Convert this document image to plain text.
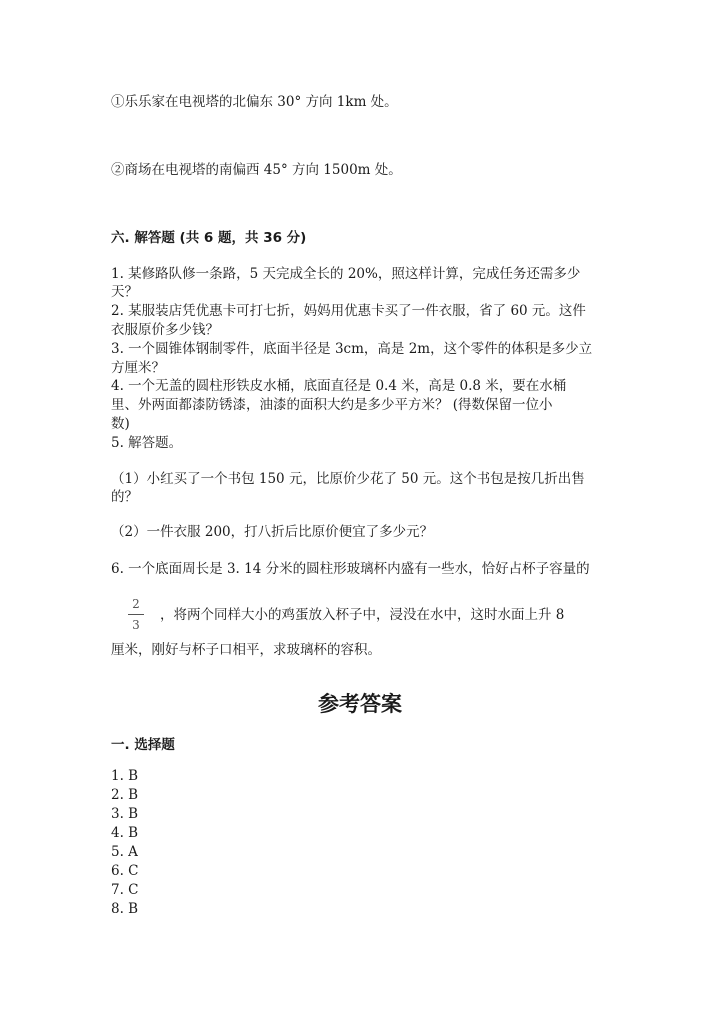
①乐乐家在电视塔的北偏东 30° 方向 1km 处。
②商场在电视塔的南偏西 45° 方向 1500m 处。
六. 解答题 (共 6 题，共 36 分)
1. 某修路队修一条路，5 天完成全长的 20%，照这样计算，完成任务还需多少
天？
2. 某服装店凭优惠卡可打七折，妈妈用优惠卡买了一件衣服，省了 60 元。这件
衣服原价多少钱？
3. 一个圆锥体钢制零件，底面半径是 3cm，高是 2m，这个零件的体积是多少立
方厘米？
4. 一个无盖的圆柱形铁皮水桶，底面直径是 0.4 米，高是 0.8 米，要在水桶
里、外两面都漆防锈漆，油漆的面积大约是多少平方米？ (得数保留一位小
数)
5. 解答题。
（1）小红买了一个书包 150 元，比原价少花了 50 元。这个书包是按几折出售
的？
（2）一件衣服 200，打八折后比原价便宜了多少元？
6. 一个底面周长是 3. 14 分米的圆柱形玻璃杯内盛有一些水，恰好占杯子容量的
2
3
，将两个同样大小的鸡蛋放入杯子中，浸没在水中，这时水面上升 8
厘米，刚好与杯子口相平，求玻璃杯的容积。
参考答案
一. 选择题
1. B
2. B
3. B
4. B
5. A
6. C
7. C
8. B
